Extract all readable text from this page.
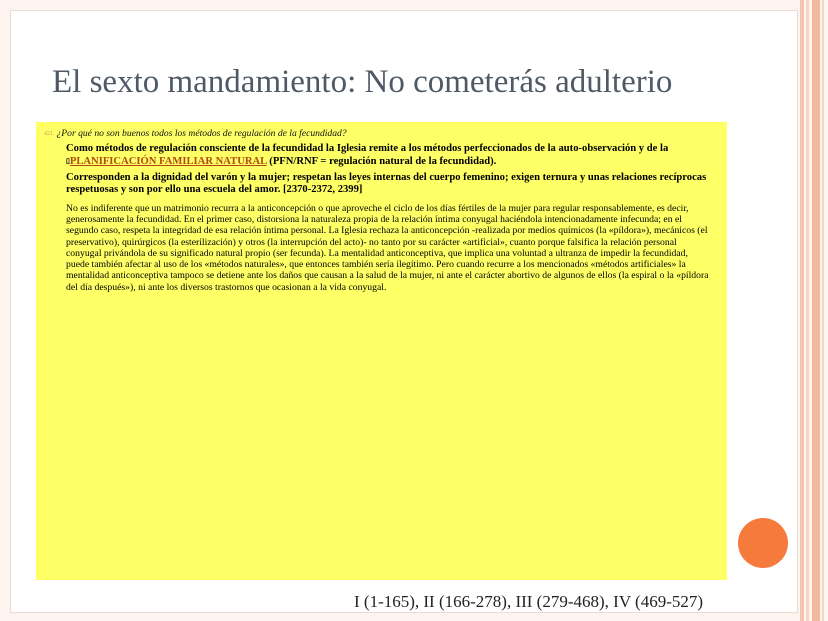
El sexto mandamiento: No cometerás adulterio
421. ¿Por qué no son buenos todos los métodos de regulación de la fecundidad?
Como métodos de regulación consciente de la fecundidad la Iglesia remite a los métodos perfeccionados de la auto-observación y de la ▯PLANIFICACIÓN FAMILIAR NATURAL (PFN/RNF = regulación natural de la fecundidad).
Corresponden a la dignidad del varón y la mujer; respetan las leyes internas del cuerpo femenino; exigen ternura y unas relaciones recíprocas respetuosas y son por ello una escuela del amor. [2370-2372, 2399]
No es indiferente que un matrimonio recurra a la anticoncepción o que aproveche el ciclo de los días fértiles de la mujer para regular responsablemente, es decir, generosamente la fecundidad. En el primer caso, distorsiona la naturaleza propia de la relación íntima conyugal haciéndola intencionadamente infecunda; en el segundo caso, respeta la integridad de esa relación íntima personal. La Iglesia rechaza la anticoncepción -realizada por medios químicos (la «píldora»), mecánicos (el preservativo), quirúrgicos (la esterilización) y otros (la interrupción del acto)- no tanto por su carácter «artificial», cuanto porque falsifica la relación personal conyugal privándola de su significado natural propio (ser fecunda). La mentalidad anticonceptiva, que implica una voluntad a ultranza de impedir la fecundidad, puede también afectar al uso de los «métodos naturales», que entonces también sería ilegítimo. Pero cuando recurre a los mencionados «métodos artificiales» la mentalidad anticonceptiva tampoco se detiene ante los daños que causan a la salud de la mujer, ni ante el carácter abortivo de algunos de ellos (la espiral o la «píldora del día después»), ni ante los diversos trastornos que ocasionan a la vida conyugal.
I (1-165), II (166-278), III (279-468), IV (469-527)
